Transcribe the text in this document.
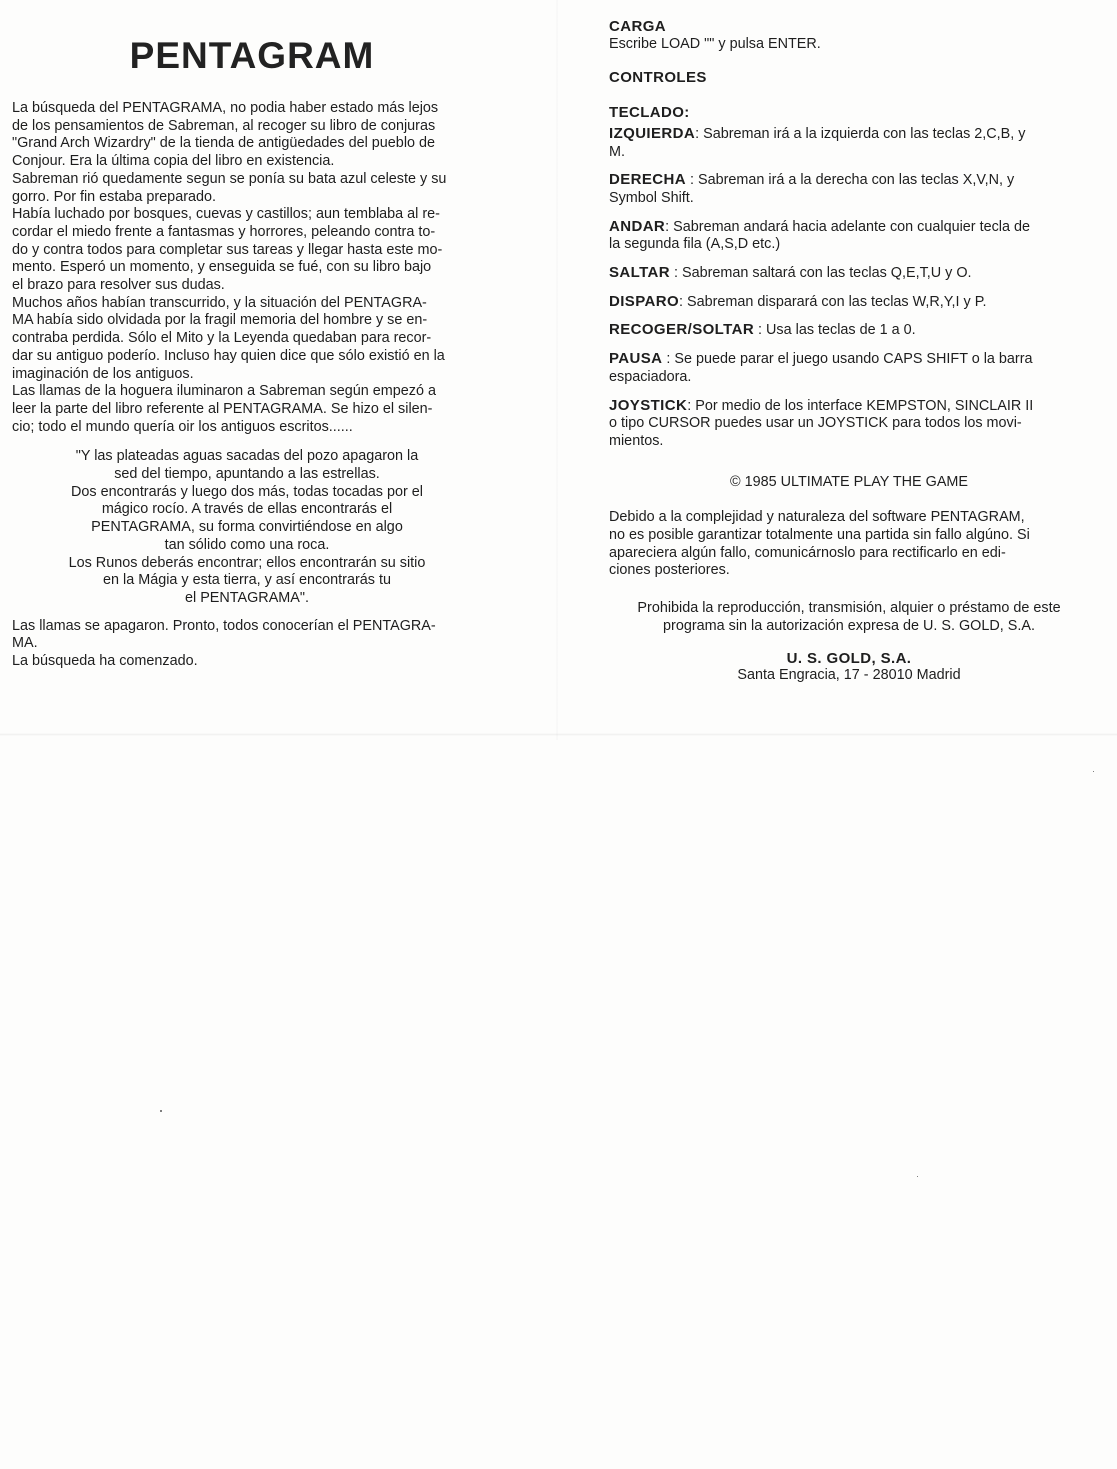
PENTAGRAM

La búsqueda del PENTAGRAMA, no podia haber estado más lejos
de los pensamientos de Sabreman, al recoger su libro de conjuras
"Grand Arch Wizardry" de la tienda de antigüedades del pueblo de
Conjour. Era la última copia del libro en existencia.
Sabreman rió quedamente segun se ponía su bata azul celeste y su
gorro. Por fin estaba preparado.
Había luchado por bosques, cuevas y castillos; aun temblaba al re-
cordar el miedo frente a fantasmas y horrores, peleando contra to-
do y contra todos para completar sus tareas y llegar hasta este mo-
mento. Esperó un momento, y enseguida se fué, con su libro bajo
el brazo para resolver sus dudas.
Muchos años habían transcurrido, y la situación del PENTAGRA-
MA había sido olvidada por la fragil memoria del hombre y se en-
contraba perdida. Sólo el Mito y la Leyenda quedaban para recor-
dar su antiguo poderío. Incluso hay quien dice que sólo existió en la
imaginación de los antiguos.
Las llamas de la hoguera iluminaron a Sabreman según empezó a
leer la parte del libro referente al PENTAGRAMA. Se hizo el silen-
cio; todo el mundo quería oir los antiguos escritos......

"Y las plateadas aguas sacadas del pozo apagaron la
sed del tiempo, apuntando a las estrellas.
Dos encontrarás y luego dos más, todas tocadas por el
mágico rocío. A través de ellas encontrarás el
PENTAGRAMA, su forma convirtiéndose en algo
tan sólido como una roca.
Los Runos deberás encontrar; ellos encontrarán su sitio
en la Mágia y esta tierra, y así encontrarás tu
el PENTAGRAMA".

Las llamas se apagaron. Pronto, todos conocerían el PENTAGRA-
MA.
La búsqueda ha comenzado.

CARGA
Escribe LOAD "" y pulsa ENTER.
CONTROLES
TECLADO:
IZQUIERDA: Sabreman irá a la izquierda con las teclas 2,C,B, y
M.
DERECHA : Sabreman irá a la derecha con las teclas X,V,N, y
Symbol Shift.
ANDAR: Sabreman andará hacia adelante con cualquier tecla de
la segunda fila (A,S,D etc.)
SALTAR : Sabreman saltará con las teclas Q,E,T,U y O.
DISPARO: Sabreman disparará con las teclas W,R,Y,I y P.
RECOGER/SOLTAR : Usa las teclas de 1 a 0.
PAUSA : Se puede parar el juego usando CAPS SHIFT o la barra
espaciadora.
JOYSTICK: Por medio de los interface KEMPSTON, SINCLAIR II
o tipo CURSOR puedes usar un JOYSTICK para todos los movi-
mientos.
© 1985 ULTIMATE PLAY THE GAME
Debido a la complejidad y naturaleza del software PENTAGRAM,
no es posible garantizar totalmente una partida sin fallo algúno. Si
apareciera algún fallo, comunicárnoslo para rectificarlo en edi-
ciones posteriores.
Prohibida la reproducción, transmisión, alquier o préstamo de este
programa sin la autorización expresa de U. S. GOLD, S.A.
U. S. GOLD, S.A.
Santa Engracia, 17 - 28010 Madrid
